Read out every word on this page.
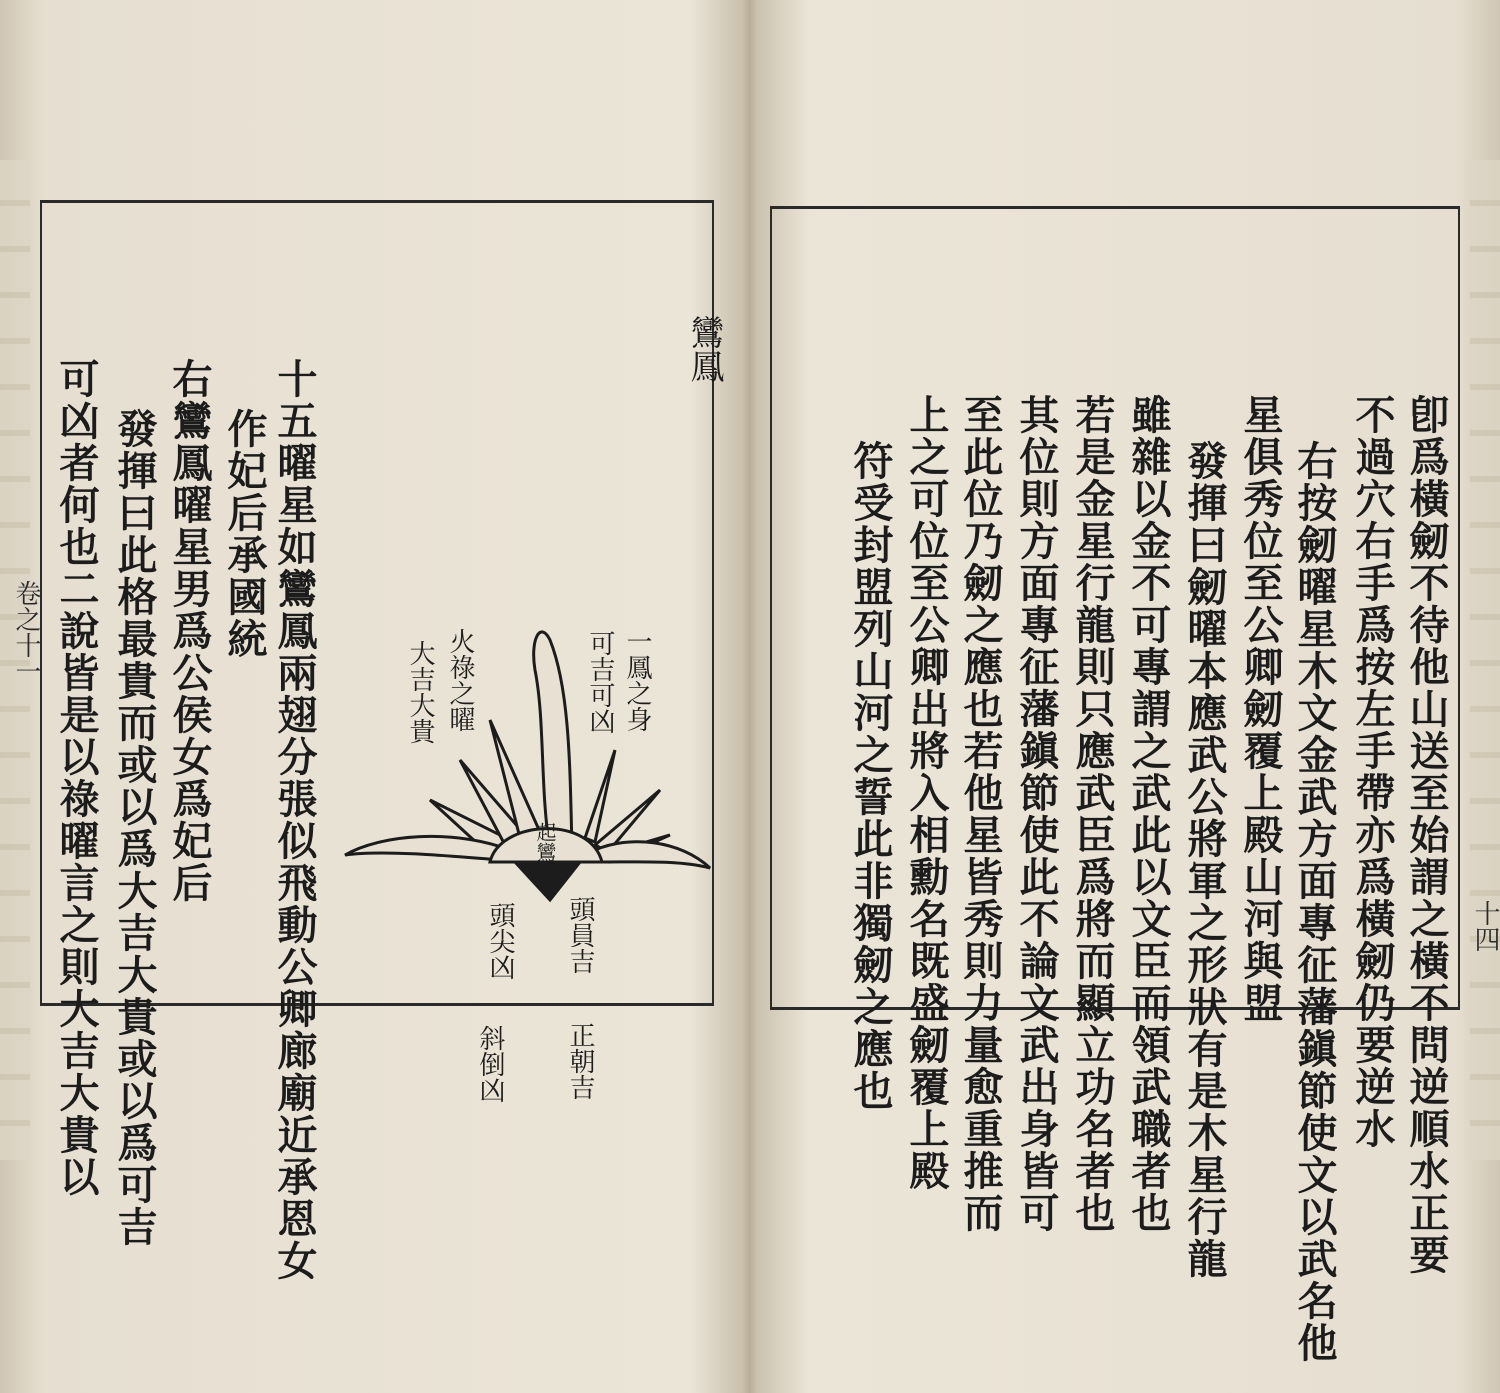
卷之十一
鸞鳳
十五曜星如鸞鳳兩翅分張似飛動公卿廊廟近承恩女
作妃后承國統
右鸞鳳曜星男爲公侯女爲妃后
發揮曰此格最貴而或以爲大吉大貴或以爲可吉
可凶者何也二說皆是以祿曜言之則大吉大貴以	一鳳之身
可吉可凶
火祿之曜
大吉大貴
頭員吉
頭尖凶
正朝吉
斜倒凶
起鸞
⠀
十四
卽爲橫劒不待他山送至始謂之橫不問逆順水正要
不過穴右手爲按左手帶亦爲橫劒仍要逆水
右按劒曜星木文金武方面專征藩鎭節使文以武名他
星俱秀位至公卿劒覆上殿山河與盟
發揮曰劒曜本應武公將軍之形狀有是木星行龍
雖雜以金不可專謂之武此以文臣而領武職者也
若是金星行龍則只應武臣爲將而顯立功名者也
其位則方面專征藩鎭節使此不論文武出身皆可
至此位乃劒之應也若他星皆秀則力量愈重推而
上之可位至公卿出將入相勳名既盛劒覆上殿
符受封盟列山河之誓此非獨劒之應也
